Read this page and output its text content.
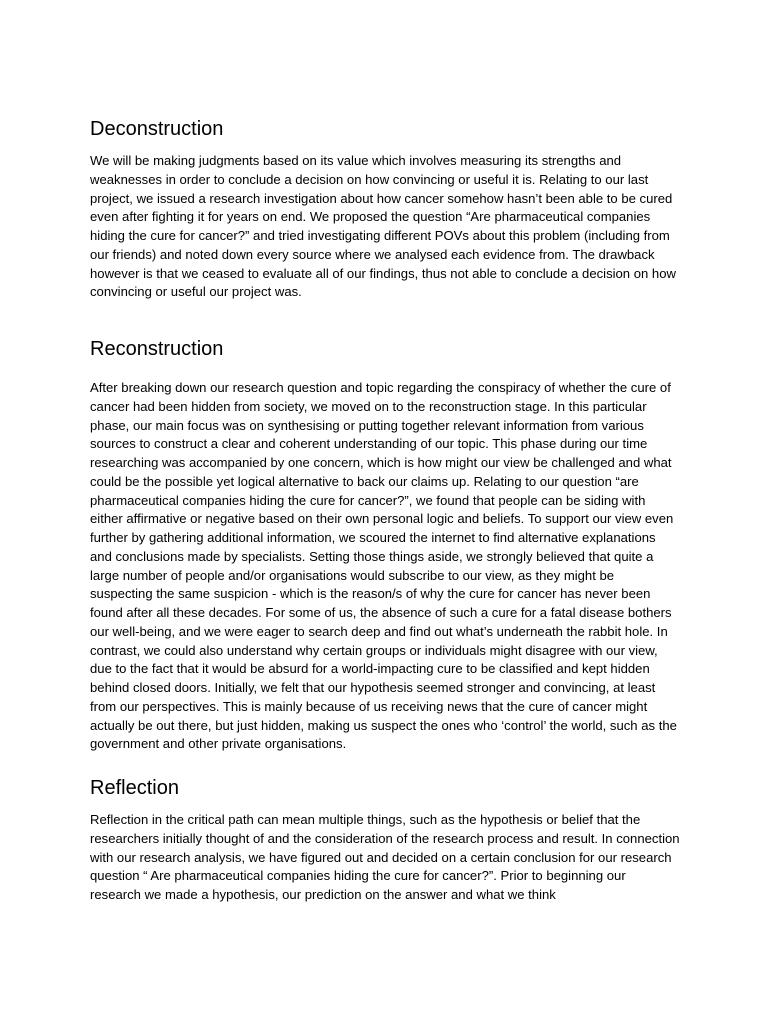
Deconstruction

We will be making judgments based on its value which involves measuring its strengths and weaknesses in order to conclude a decision on how convincing or useful it is. Relating to our last project, we issued a research investigation about how cancer somehow hasn’t been able to be cured even after fighting it for years on end. We proposed the question “Are pharmaceutical companies hiding the cure for cancer?” and tried investigating different POVs about this problem (including from our friends) and noted down every source where we analysed each evidence from. The drawback however is that we ceased to evaluate all of our findings, thus not able to conclude a decision on how convincing or useful our project was.

Reconstruction

After breaking down our research question and topic regarding the conspiracy of whether the cure of cancer had been hidden from society, we moved on to the reconstruction stage. In this particular phase, our main focus was on synthesising or putting together relevant information from various sources to construct a clear and coherent understanding of our topic. This phase during our time researching was accompanied by one concern, which is how might our view be challenged and what could be the possible yet logical alternative to back our claims up. Relating to our question “are pharmaceutical companies hiding the cure for cancer?”, we found that people can be siding with either affirmative or negative based on their own personal logic and beliefs. To support our view even further by gathering additional information, we scoured the internet to find alternative explanations and conclusions made by specialists. Setting those things aside, we strongly believed that quite a large number of people and/or organisations would subscribe to our view, as they might be suspecting the same suspicion - which is the reason/s of why the cure for cancer has never been found after all these decades. For some of us, the absence of such a cure for a fatal disease bothers our well-being, and we were eager to search deep and find out what’s underneath the rabbit hole. In contrast, we could also understand why certain groups or individuals might disagree with our view, due to the fact that it would be absurd for a world-impacting cure to be classified and kept hidden behind closed doors. Initially, we felt that our hypothesis seemed stronger and convincing, at least from our perspectives. This is mainly because of us receiving news that the cure of cancer might actually be out there, but just hidden, making us suspect the ones who ‘control’ the world, such as the government and other private organisations.

Reflection

Reflection in the critical path can mean multiple things, such as the hypothesis or belief that the researchers initially thought of and the consideration of the research process and result. In connection with our research analysis, we have figured out and decided on a certain conclusion for our research question “ Are pharmaceutical companies hiding the cure for cancer?”. Prior to beginning our research we made a hypothesis, our prediction on the answer and what we think
